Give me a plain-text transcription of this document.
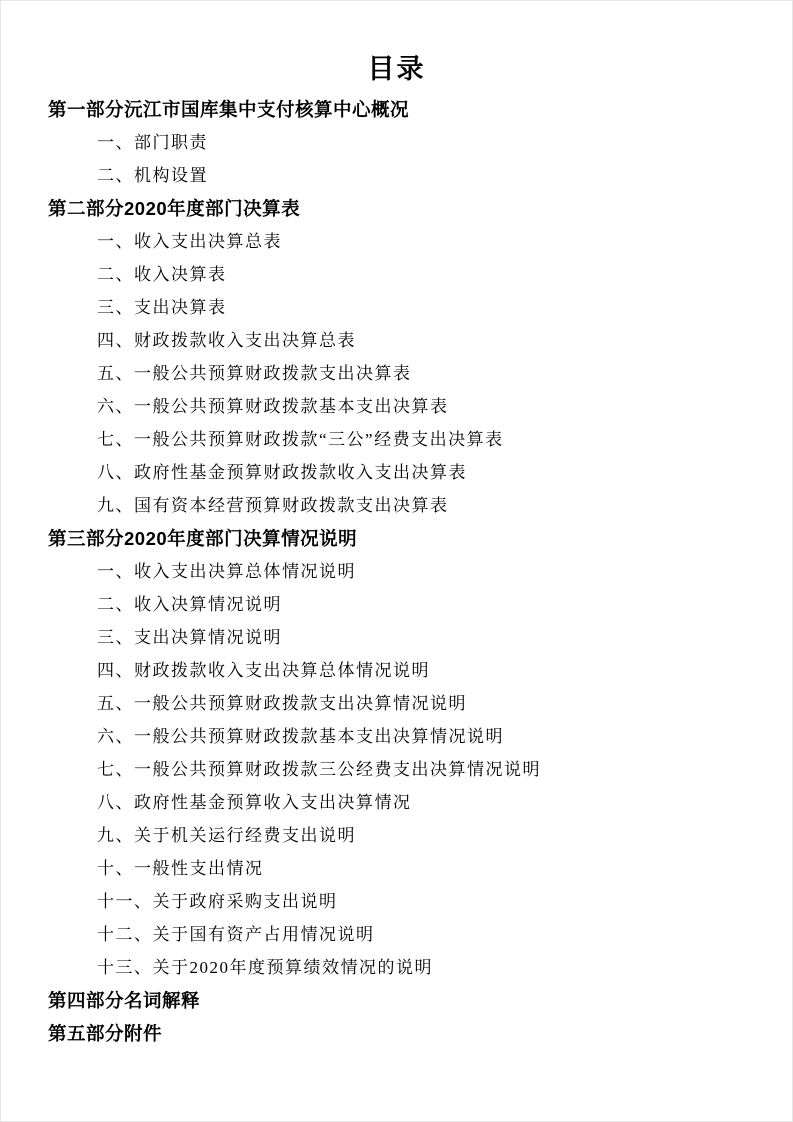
目录
第一部分沅江市国库集中支付核算中心概况
一、部门职责
二、机构设置
第二部分2020年度部门决算表
一、收入支出决算总表
二、收入决算表
三、支出决算表
四、财政拨款收入支出决算总表
五、一般公共预算财政拨款支出决算表
六、一般公共预算财政拨款基本支出决算表
七、一般公共预算财政拨款“三公”经费支出决算表
八、政府性基金预算财政拨款收入支出决算表
九、国有资本经营预算财政拨款支出决算表
第三部分2020年度部门决算情况说明
一、收入支出决算总体情况说明
二、收入决算情况说明
三、支出决算情况说明
四、财政拨款收入支出决算总体情况说明
五、一般公共预算财政拨款支出决算情况说明
六、一般公共预算财政拨款基本支出决算情况说明
七、一般公共预算财政拨款三公经费支出决算情况说明
八、政府性基金预算收入支出决算情况
九、关于机关运行经费支出说明
十、一般性支出情况
十一、关于政府采购支出说明
十二、关于国有资产占用情况说明
十三、关于2020年度预算绩效情况的说明
第四部分名词解释
第五部分附件
